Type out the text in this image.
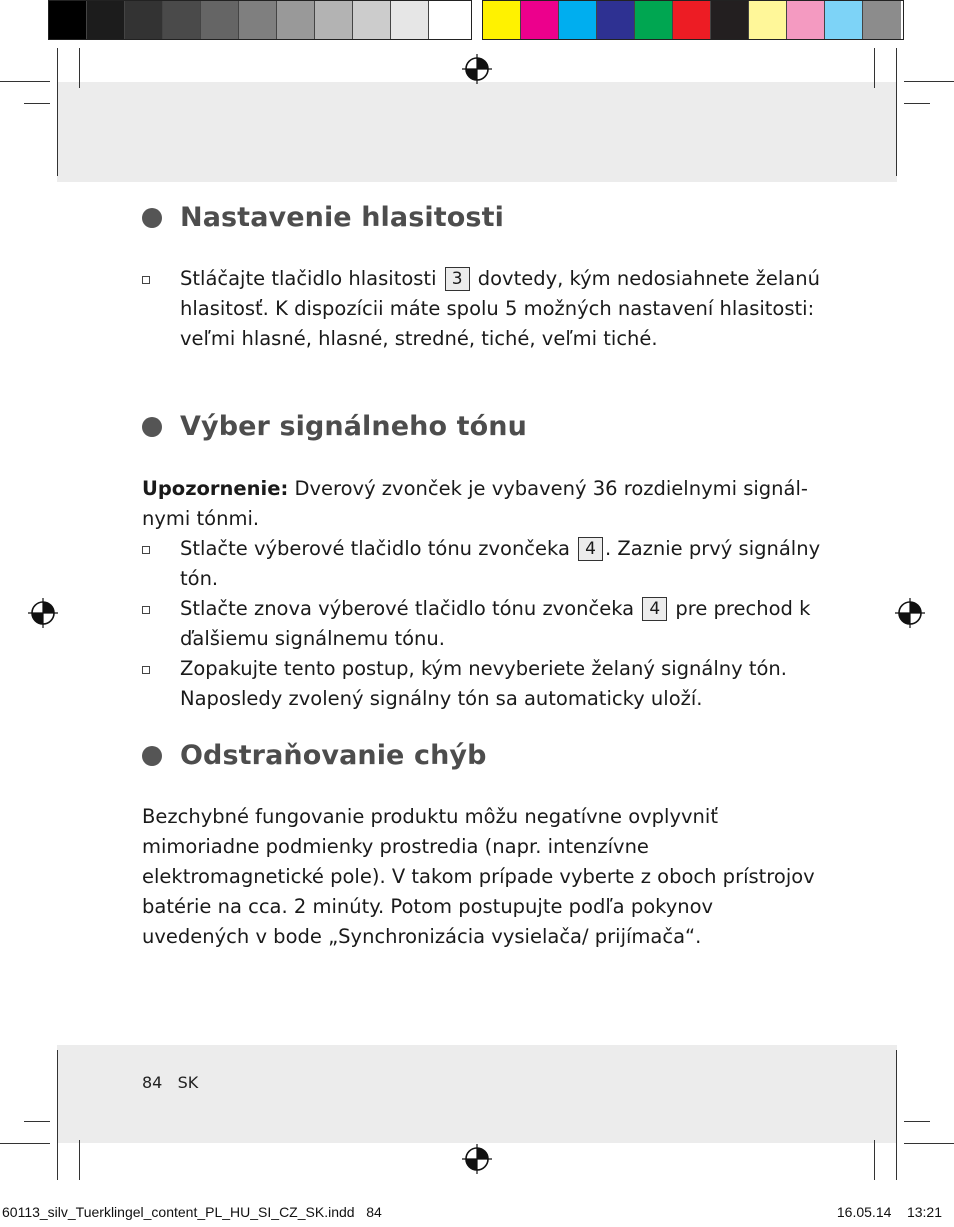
Nastavenie hlasitosti
Stláčajte tlačidlo hlasitosti 3 dovtedy, kým nedosiahnete želanú hlasitosť. K dispozícii máte spolu 5 možných nastavení hlasitosti: veľmi hlasné, hlasné, stredné, tiché, veľmi tiché.
Výber signálneho tónu
Upozornenie: Dverový zvonček je vybavený 36 rozdielnymi signál-nymi tónmi.
Stlačte výberové tlačidlo tónu zvončeka 4 . Zaznie prvý signálny tón.
Stlačte znova výberové tlačidlo tónu zvončeka 4 pre prechod k ďalšiemu signálnemu tónu.
Zopakujte tento postup, kým nevyberiete želaný signálny tón. Naposledy zvolený signálny tón sa automaticky uloží.
Odstraňovanie chýb
Bezchybné fungovanie produktu môžu negatívne ovplyvniť mimoriadne podmienky prostredia (napr. intenzívne elektromagnetické pole). V takom prípade vyberte z oboch prístrojov batérie na cca. 2 minúty. Potom postupujte podľa pokynov uvedených v bode „Synchronizácia vysielača/ prijímača“.
84 SK
60113_silv_Tuerklingel_content_PL_HU_SI_CZ_SK.indd 84	16.05.14 13:21
